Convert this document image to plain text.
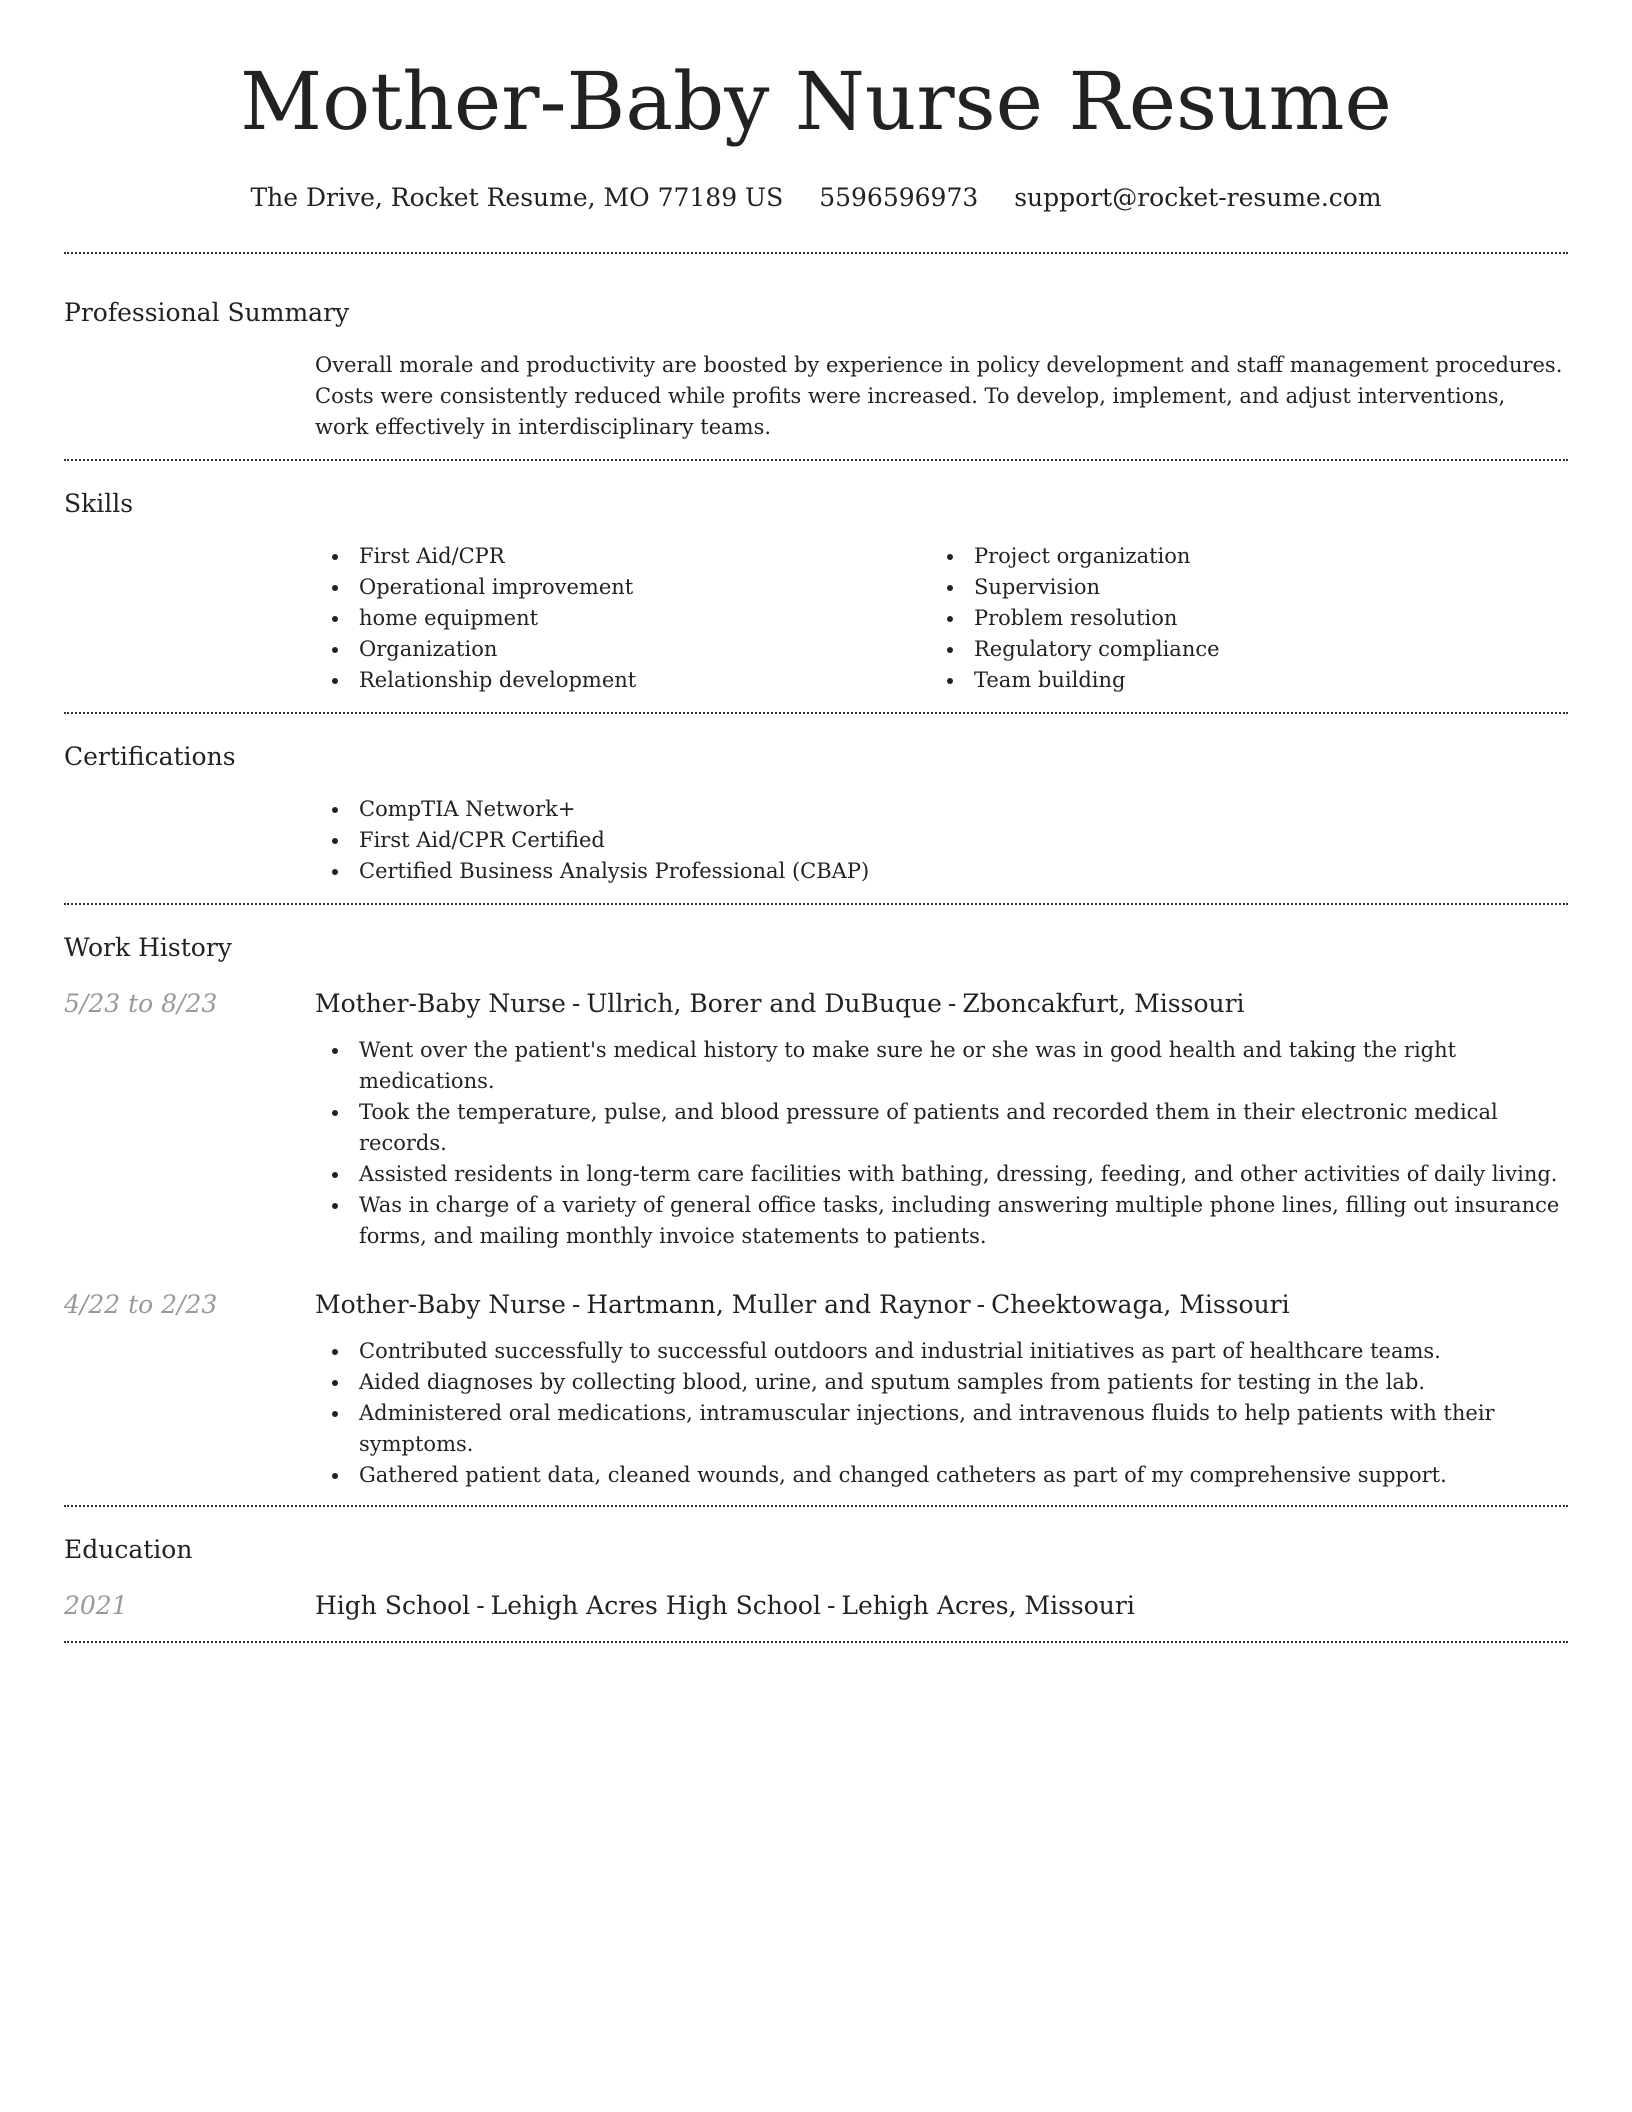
Mother-Baby Nurse Resume
The Drive, Rocket Resume, MO 77189 US 5596596973 support@rocket-resume.com
Professional Summary

Overall morale and productivity are boosted by experience in policy development and staff management procedures. Costs were consistently reduced while profits were increased. To develop, implement, and adjust interventions, work effectively in interdisciplinary teams.

Skills
First Aid/CPR
Operational improvement
home equipment
Organization
Relationship development
Project organization
Supervision
Problem resolution
Regulatory compliance
Team building
Certifications
CompTIA Network+
First Aid/CPR Certified
Certified Business Analysis Professional (CBAP)
Work History
5/23 to 8/23	Mother-Baby Nurse - Ullrich, Borer and DuBuque - Zboncakfurt, Missouri
Went over the patient's medical history to make sure he or she was in good health and taking the right medications.
Took the temperature, pulse, and blood pressure of patients and recorded them in their electronic medical records.
Assisted residents in long-term care facilities with bathing, dressing, feeding, and other activities of daily living.
Was in charge of a variety of general office tasks, including answering multiple phone lines, filling out insurance forms, and mailing monthly invoice statements to patients.
4/22 to 2/23	Mother-Baby Nurse - Hartmann, Muller and Raynor - Cheektowaga, Missouri
Contributed successfully to successful outdoors and industrial initiatives as part of healthcare teams.
Aided diagnoses by collecting blood, urine, and sputum samples from patients for testing in the lab.
Administered oral medications, intramuscular injections, and intravenous fluids to help patients with their symptoms.
Gathered patient data, cleaned wounds, and changed catheters as part of my comprehensive support.
Education
2021	High School - Lehigh Acres High School - Lehigh Acres, Missouri
